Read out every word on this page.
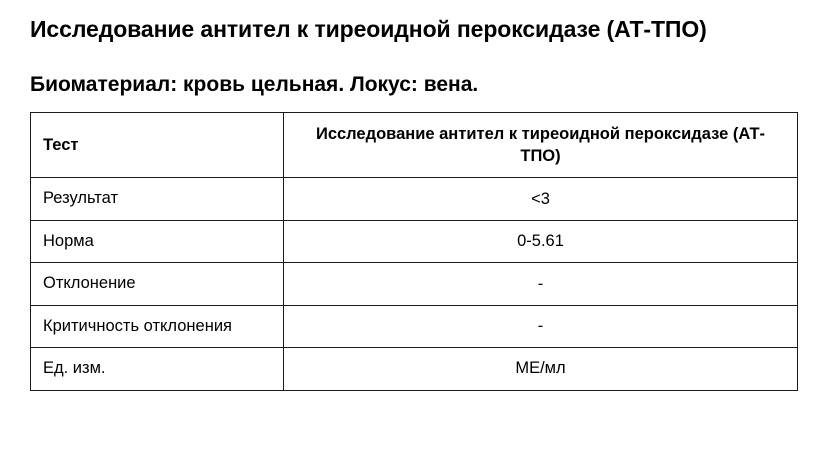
Исследование антител к тиреоидной пероксидазе (АТ-ТПО)
Биоматериал: кровь цельная. Локус: вена.
Тест	Исследование антител к тиреоидной пероксидазе (АТ-ТПО)
Результат	<3
Норма	0-5.61
Отклонение	-
Критичность отклонения	-
Ед. изм.	МЕ/мл
